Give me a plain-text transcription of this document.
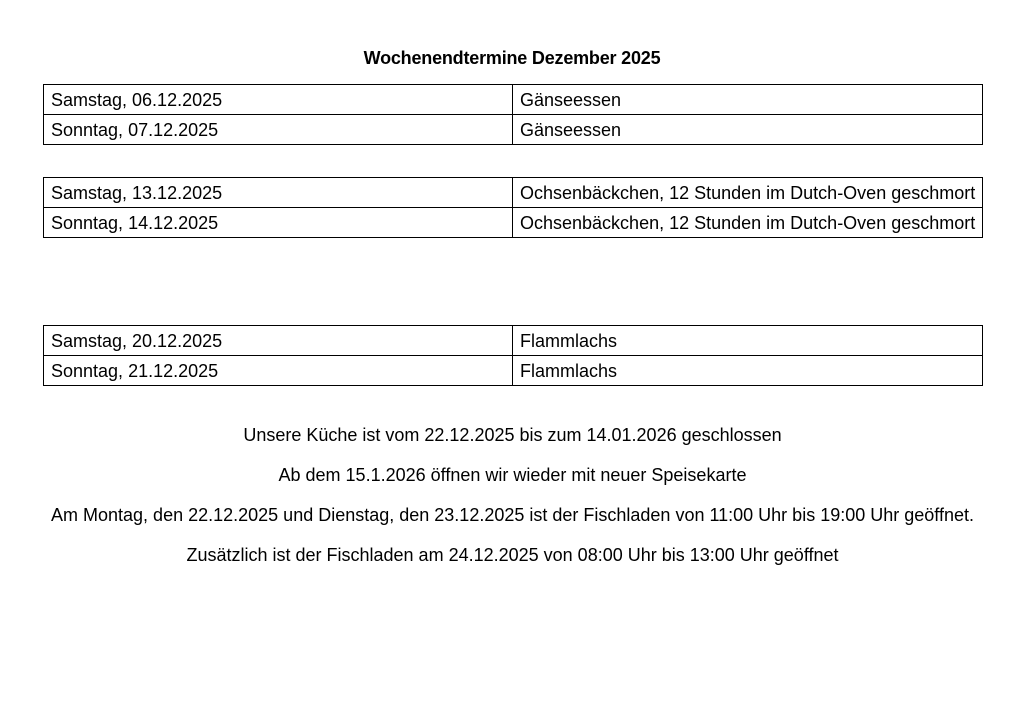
Wochenendtermine Dezember 2025
Samstag, 06.12.2025	Gänseessen
Sonntag, 07.12.2025	Gänseessen
Samstag, 13.12.2025	Ochsenbäckchen, 12 Stunden im Dutch-Oven geschmort
Sonntag, 14.12.2025	Ochsenbäckchen, 12 Stunden im Dutch-Oven geschmort
Samstag, 20.12.2025	Flammlachs
Sonntag, 21.12.2025	Flammlachs

Unsere Küche ist vom 22.12.2025 bis zum 14.01.2026 geschlossen

Ab dem 15.1.2026 öffnen wir wieder mit neuer Speisekarte

Am Montag, den 22.12.2025 und Dienstag, den 23.12.2025 ist der Fischladen von 11:00 Uhr bis 19:00 Uhr geöffnet.

Zusätzlich ist der Fischladen am 24.12.2025 von 08:00 Uhr bis 13:00 Uhr geöffnet
